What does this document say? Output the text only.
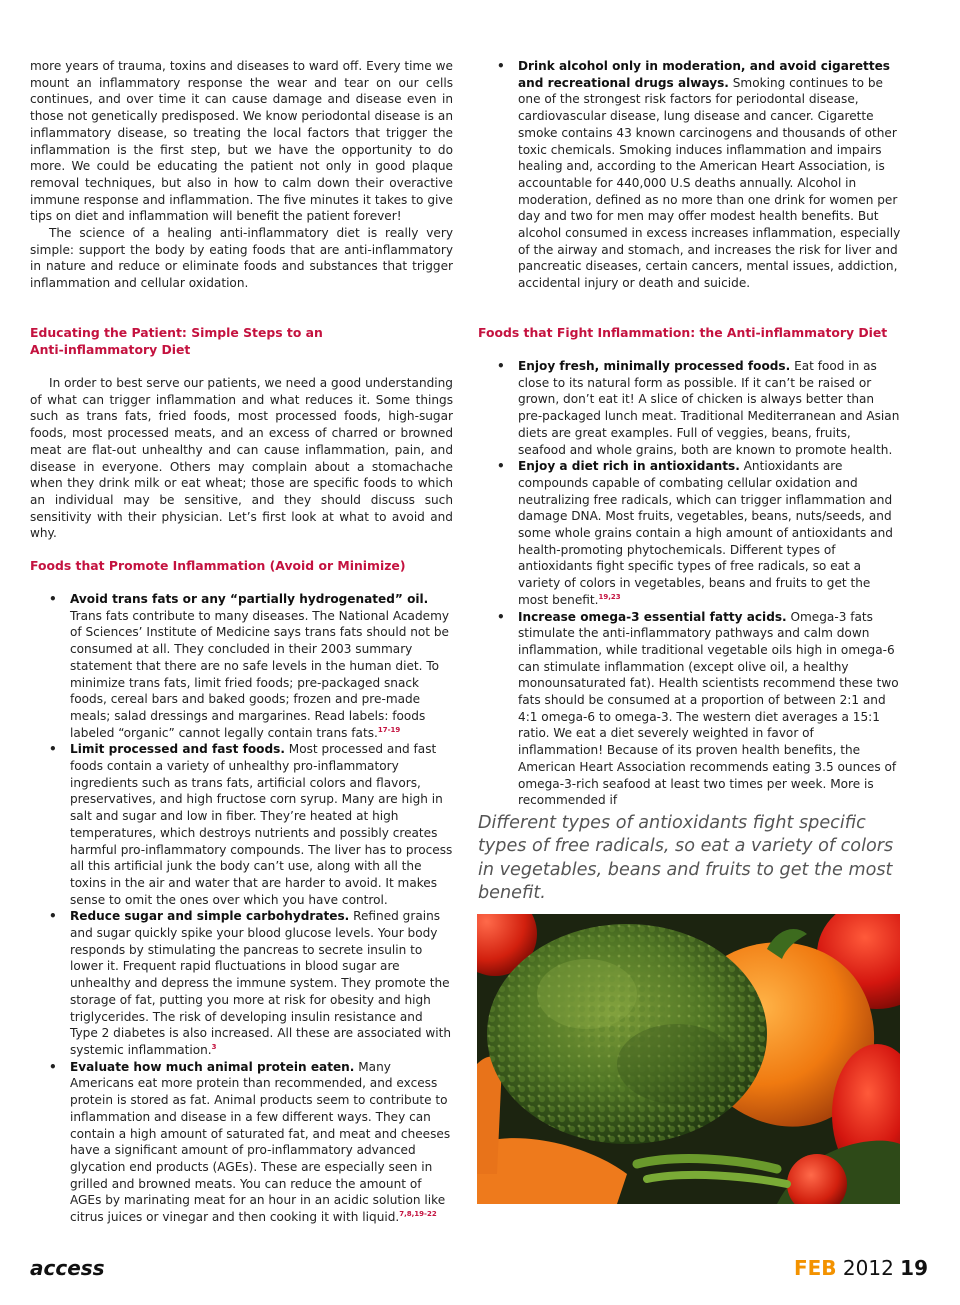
more years of trauma, toxins and diseases to ward off. Every time we mount an inflammatory response the wear and tear on our cells continues, and over time it can cause damage and disease even in those not genetically predisposed. We know periodontal disease is an inflammatory disease, so treating the local factors that trigger the inflammation is the first step, but we have the opportunity to do more. We could be educating the patient not only in good plaque removal techniques, but also in how to calm down their overactive immune response and inflammation. The five minutes it takes to give tips on diet and inflammation will benefit the patient forever!

The science of a healing anti-inflammatory diet is really very simple: support the body by eating foods that are anti-inflammatory in nature and reduce or eliminate foods and substances that trigger inflammation and cellular oxidation.

Educating the Patient: Simple Steps to an Anti-inflammatory Diet

In order to best serve our patients, we need a good understanding of what can trigger inflammation and what reduces it. Some things such as trans fats, fried foods, most processed foods, high-sugar foods, most processed meats, and an excess of charred or browned meat are flat-out unhealthy and can cause inflammation, pain, and disease in everyone. Others may complain about a stomachache when they drink milk or eat wheat; those are specific foods to which an individual may be sensitive, and they should discuss such sensitivity with their physician. Let’s first look at what to avoid and why.

Foods that Promote Inflammation (Avoid or Minimize)
• Avoid trans fats or any “partially hydrogenated” oil. Trans fats contribute to many diseases. The National Academy of Sciences’ Institute of Medicine says trans fats should not be consumed at all. They concluded in their 2003 summary statement that there are no safe levels in the human diet. To minimize trans fats, limit fried foods; pre-packaged snack foods, cereal bars and baked goods; frozen and pre-made meals; salad dressings and margarines. Read labels: foods labeled “organic” cannot legally contain trans fats.$^{17-19}$
• Limit processed and fast foods. Most processed and fast foods contain a variety of unhealthy pro-inflammatory ingredients such as trans fats, artificial colors and flavors, preservatives, and high fructose corn syrup. Many are high in salt and sugar and low in fiber. They’re heated at high temperatures, which destroys nutrients and possibly creates harmful pro-inflammatory compounds. The liver has to process all this artificial junk the body can’t use, along with all the toxins in the air and water that are harder to avoid. It makes sense to omit the ones over which you have control.
• Reduce sugar and simple carbohydrates. Refined grains and sugar quickly spike your blood glucose levels. Your body responds by stimulating the pancreas to secrete insulin to lower it. Frequent rapid fluctuations in blood sugar are unhealthy and depress the immune system. They promote the storage of fat, putting you more at risk for obesity and high triglycerides. The risk of developing insulin resistance and Type 2 diabetes is also increased. All these are associated with systemic inflammation.$^3$
• Evaluate how much animal protein eaten. Many Americans eat more protein than recommended, and excess protein is stored as fat. Animal products seem to contribute to inflammation and disease in a few different ways. They can contain a high amount of saturated fat, and meat and cheeses have a significant amount of pro-inflammatory advanced glycation end products (AGEs). These are especially seen in grilled and browned meats. You can reduce the amount of AGEs by marinating meat for an hour in an acidic solution like citrus juices or vinegar and then cooking it with liquid.$^{7,8,19-22}$
• Drink alcohol only in moderation, and avoid cigarettes and recreational drugs always. Smoking continues to be one of the strongest risk factors for periodontal disease, cardiovascular disease, lung disease and cancer. Cigarette smoke contains 43 known carcinogens and thousands of other toxic chemicals. Smoking induces inflammation and impairs healing and, according to the American Heart Association, is accountable for 440,000 U.S deaths annually. Alcohol in moderation, defined as no more than one drink for women per day and two for men may offer modest health benefits. But alcohol consumed in excess increases inflammation, especially of the airway and stomach, and increases the risk for liver and pancreatic diseases, certain cancers, mental issues, addiction, accidental injury or death and suicide.
Foods that Fight Inflammation: the Anti-inflammatory Diet
• Enjoy fresh, minimally processed foods. Eat food in as close to its natural form as possible. If it can’t be raised or grown, don’t eat it! A slice of chicken is always better than pre-packaged lunch meat. Traditional Mediterranean and Asian diets are great examples. Full of veggies, beans, fruits, seafood and whole grains, both are known to promote health.
• Enjoy a diet rich in antioxidants. Antioxidants are compounds capable of combating cellular oxidation and neutralizing free radicals, which can trigger inflammation and damage DNA. Most fruits, vegetables, beans, nuts/seeds, and some whole grains contain a high amount of antioxidants and health-promoting phytochemicals. Different types of antioxidants fight specific types of free radicals, so eat a variety of colors in vegetables, beans and fruits to get the most benefit.$^{19,23}$
• Increase omega-3 essential fatty acids. Omega-3 fats stimulate the anti-inflammatory pathways and calm down inflammation, while traditional vegetable oils high in omega-6 can stimulate inflammation (except olive oil, a healthy monounsaturated fat). Health scientists recommend these two fats should be consumed at a proportion of between 2:1 and 4:1 omega-6 to omega-3. The western diet averages a 15:1 ratio. We eat a diet severely weighted in favor of inflammation! Because of its proven health benefits, the American Heart Association recommends eating 3.5 ounces of omega-3-rich seafood at least two times per week. More is recommended if
Different types of antioxidants fight specific types of free radicals, so eat a variety of colors in vegetables, beans and fruits to get the most benefit.
access	FEB 2012 19
